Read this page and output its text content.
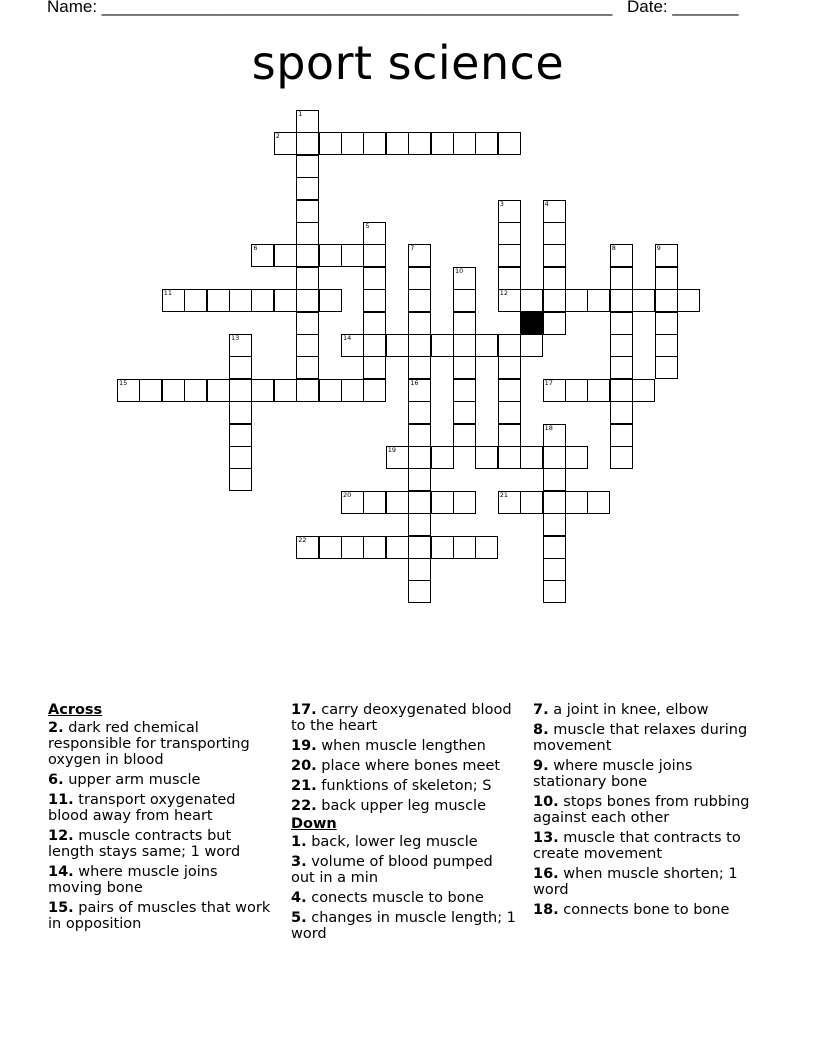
Name: ______________________________________________________ Date: _______
sport science
1
2
3	4
5
6	7	8	9
10
11	12
13	14
15	16	17
18
19
20	21
22
Across
2. dark red chemical responsible for transporting oxygen in blood
6. upper arm muscle
11. transport oxygenated blood away from heart
12. muscle contracts but length stays same; 1 word
14. where muscle joins moving bone
15. pairs of muscles that work in opposition
17. carry deoxygenated blood to the heart
19. when muscle lengthen
20. place where bones meet
21. funktions of skeleton; S
22. back upper leg muscle
Down
1. back, lower leg muscle
3. volume of blood pumped out in a min
4. conects muscle to bone
5. changes in muscle length; 1 word
7. a joint in knee, elbow
8. muscle that relaxes during movement
9. where muscle joins stationary bone
10. stops bones from rubbing against each other
13. muscle that contracts to create movement
16. when muscle shorten; 1 word
18. connects bone to bone
